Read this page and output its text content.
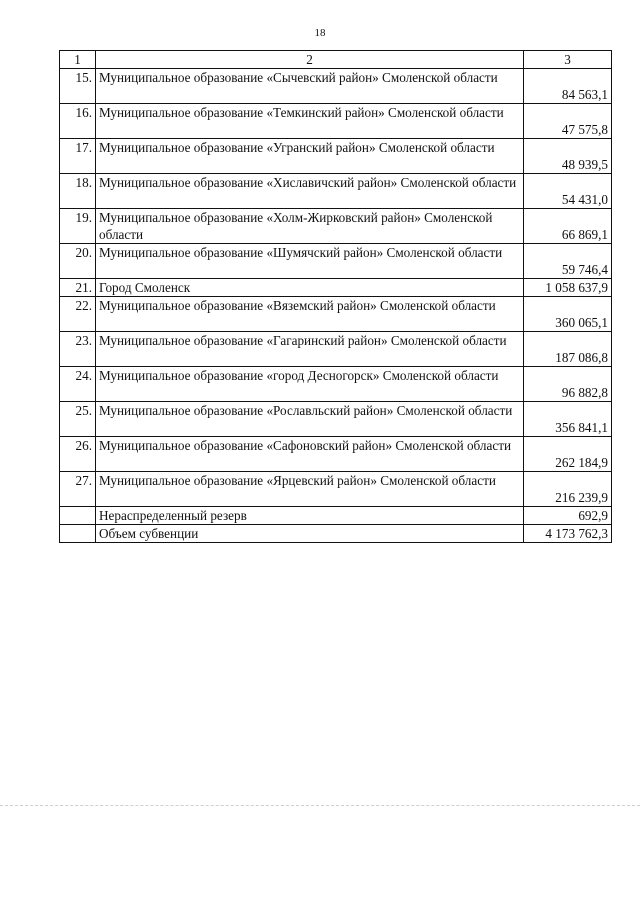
18
1	2	3
15.	Муниципальное образование «Сычевский район» Смоленской области	84 563,1
16.	Муниципальное образование «Темкинский район» Смоленской области	47 575,8
17.	Муниципальное образование «Угранский район» Смоленской области	48 939,5
18.	Муниципальное образование «Хиславичский район» Смоленской области	54 431,0
19.	Муниципальное образование «Холм-Жирковский район» Смоленской области	66 869,1
20.	Муниципальное образование «Шумячский район» Смоленской области	59 746,4
21.	Город Смоленск	1 058 637,9
22.	Муниципальное образование «Вяземский район» Смоленской области	360 065,1
23.	Муниципальное образование «Гагаринский район» Смоленской области	187 086,8
24.	Муниципальное образование «город Десногорск» Смоленской области	96 882,8
25.	Муниципальное образование «Рославльский район» Смоленской области	356 841,1
26.	Муниципальное образование «Сафоновский район» Смоленской области	262 184,9
27.	Муниципальное образование «Ярцевский район» Смоленской области	216 239,9
	Нераспределенный резерв	692,9
	Объем субвенции	4 173 762,3
